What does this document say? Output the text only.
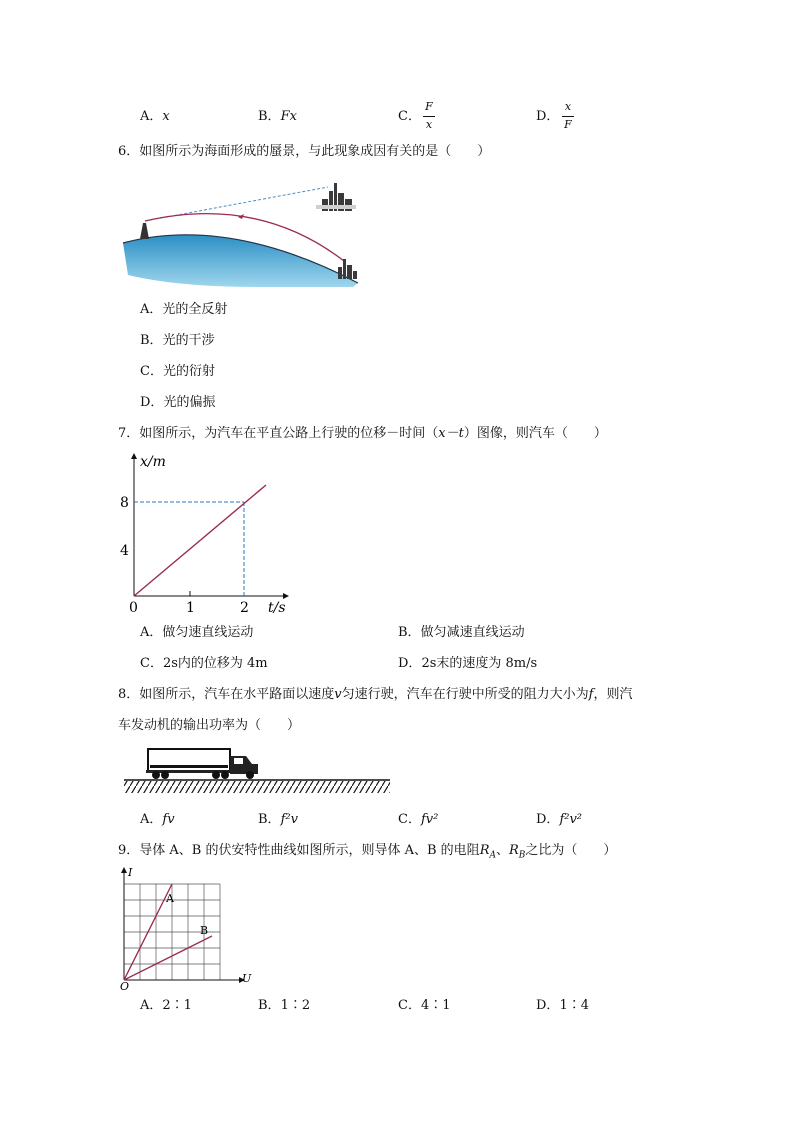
A．x	B．Fx	C．
F
x
D．
x
F
6．如图所示为海面形成的蜃景，与此现象成因有关的是（　　）
A．光的全反射
B．光的干涉
C．光的衍射
D．光的偏振
7．如图所示，为汽车在平直公路上行驶的位移－时间（x－t）图像，则汽车（　　）
x/m
8
4
0	1	2 t/s
A．做匀速直线运动	B．做匀减速直线运动
C．2s内的位移为 4m	D．2s末的速度为 8m/s
8．如图所示，汽车在水平路面以速度v匀速行驶，汽车在行驶中所受的阻力大小为f，则汽
车发动机的输出功率为（　　）
A．fv	B．f²v	C．fv²	D．f²v²
9．导体 A、B 的伏安特性曲线如图所示，则导体 A、B 的电阻$R_A$、$R_B$之比为（　　）
I
U
O
A
B
A．2∶1	B．1∶2	C．4∶1	D．1∶4
